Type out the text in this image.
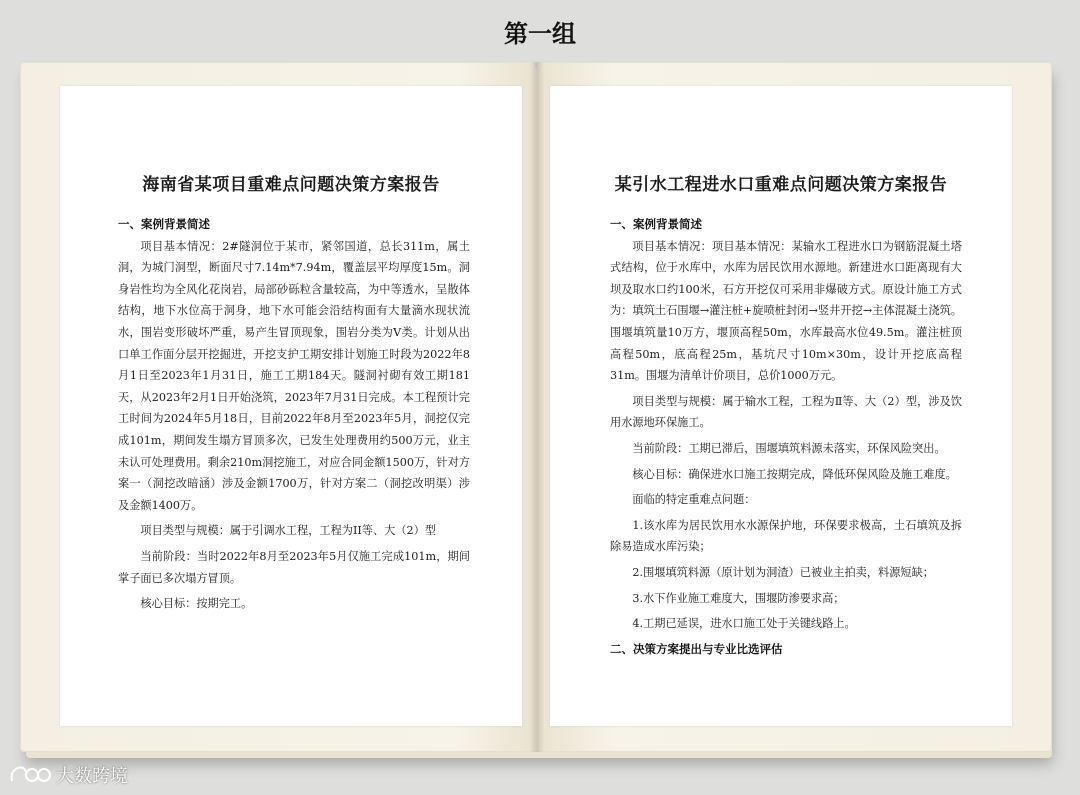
第一组
海南省某项目重难点问题决策方案报告
一、案例背景简述

项目基本情况：2#隧洞位于某市，紧邻国道，总长311m，属土洞，为城门洞型，断面尺寸7.14m*7.94m，覆盖层平均厚度15m。洞身岩性均为全风化花岗岩，局部砂砾粒含量较高，为中等透水，呈散体结构，地下水位高于洞身，地下水可能会沿结构面有大量滴水现状流水，围岩变形破坏严重，易产生冒顶现象，围岩分类为Ⅴ类。计划从出口单工作面分层开挖掘进，开挖支护工期安排计划施工时段为2022年8月1日至2023年1月31日，施工工期184天。隧洞衬砌有效工期181天，从2023年2月1日开始浇筑，2023年7月31日完成。本工程预计完工时间为2024年5月18日，目前2022年8月至2023年5月，洞挖仅完成101m，期间发生塌方冒顶多次，已发生处理费用约500万元，业主未认可处理费用。剩余210m洞挖施工，对应合同金额1500万，针对方案一（洞挖改暗涵）涉及金额1700万，针对方案二（洞挖改明渠）涉及金额1400万。

项目类型与规模：属于引调水工程，工程为II等、大（2）型

当前阶段：当时2022年8月至2023年5月仅施工完成101m，期间掌子面已多次塌方冒顶。

核心目标：按期完工。

某引水工程进水口重难点问题决策方案报告
一、案例背景简述

项目基本情况：项目基本情况：某输水工程进水口为钢筋混凝土塔式结构，位于水库中，水库为居民饮用水源地。新建进水口距离现有大坝及取水口约100米，石方开挖仅可采用非爆破方式。原设计施工方式为：填筑土石围堰→灌注桩+旋喷桩封闭→竖井开挖→主体混凝土浇筑。围堰填筑量10万方，堰顶高程50m，水库最高水位49.5m。灌注桩顶高程50m，底高程25m，基坑尺寸10m×30m，设计开挖底高程31m。围堰为清单计价项目，总价1000万元。

项目类型与规模：属于输水工程，工程为Ⅱ等、大（2）型，涉及饮用水源地环保施工。

当前阶段：工期已滞后，围堰填筑料源未落实，环保风险突出。

核心目标：确保进水口施工按期完成，降低环保风险及施工难度。

面临的特定重难点问题：

1.该水库为居民饮用水水源保护地，环保要求极高，土石填筑及拆除易造成水库污染；

2.围堰填筑料源（原计划为洞渣）已被业主拍卖，料源短缺；

3.水下作业施工难度大，围堰防渗要求高；

4.工期已延误，进水口施工处于关键线路上。

二、决策方案提出与专业比选评估
大数跨境
